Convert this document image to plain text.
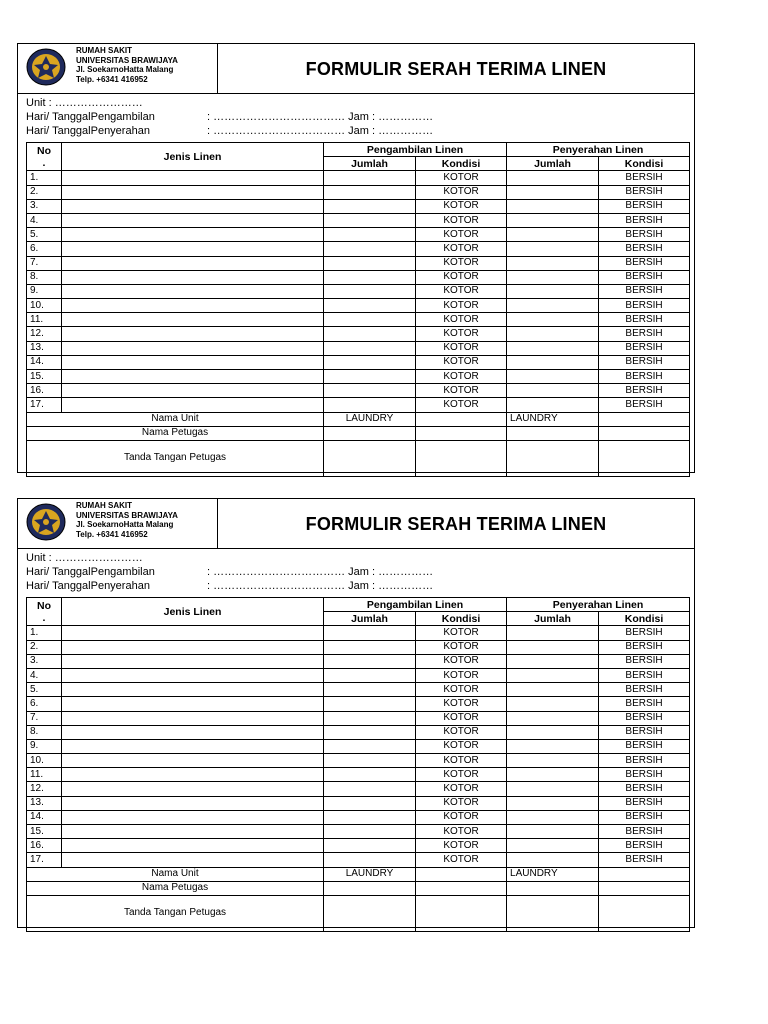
RUMAH SAKIT
UNIVERSITAS BRAWIJAYA
Jl. SoekarnoHatta Malang
Telp. +6341 416952
FORMULIR SERAH TERIMA LINEN
Unit : ……………………
Hari/ TanggalPengambilan	: ……………………………… Jam : ……………
Hari/ TanggalPenyerahan	: ……………………………… Jam : ……………
No
.	Jenis Linen	Pengambilan Linen		Penyerahan Linen	
		Jumlah	Kondisi	Jumlah	Kondisi
1.			KOTOR		BERSIH
2.			KOTOR		BERSIH
3.			KOTOR		BERSIH
4.			KOTOR		BERSIH
5.			KOTOR		BERSIH
6.			KOTOR		BERSIH
7.			KOTOR		BERSIH
8.			KOTOR		BERSIH
9.			KOTOR		BERSIH
10.			KOTOR		BERSIH
11.			KOTOR		BERSIH
12.			KOTOR		BERSIH
13.			KOTOR		BERSIH
14.			KOTOR		BERSIH
15.			KOTOR		BERSIH
16.			KOTOR		BERSIH
17.			KOTOR		BERSIH
Nama Unit		LAUNDRY		LAUNDRY	
Nama Petugas					
Tanda Tangan Petugas					
RUMAH SAKIT
UNIVERSITAS BRAWIJAYA
Jl. SoekarnoHatta Malang
Telp. +6341 416952
FORMULIR SERAH TERIMA LINEN
Unit : ……………………
Hari/ TanggalPengambilan	: ……………………………… Jam : ……………
Hari/ TanggalPenyerahan	: ……………………………… Jam : ……………
No
.	Jenis Linen	Pengambilan Linen		Penyerahan Linen	
		Jumlah	Kondisi	Jumlah	Kondisi
1.			KOTOR		BERSIH
2.			KOTOR		BERSIH
3.			KOTOR		BERSIH
4.			KOTOR		BERSIH
5.			KOTOR		BERSIH
6.			KOTOR		BERSIH
7.			KOTOR		BERSIH
8.			KOTOR		BERSIH
9.			KOTOR		BERSIH
10.			KOTOR		BERSIH
11.			KOTOR		BERSIH
12.			KOTOR		BERSIH
13.			KOTOR		BERSIH
14.			KOTOR		BERSIH
15.			KOTOR		BERSIH
16.			KOTOR		BERSIH
17.			KOTOR		BERSIH
Nama Unit		LAUNDRY		LAUNDRY	
Nama Petugas					
Tanda Tangan Petugas					
